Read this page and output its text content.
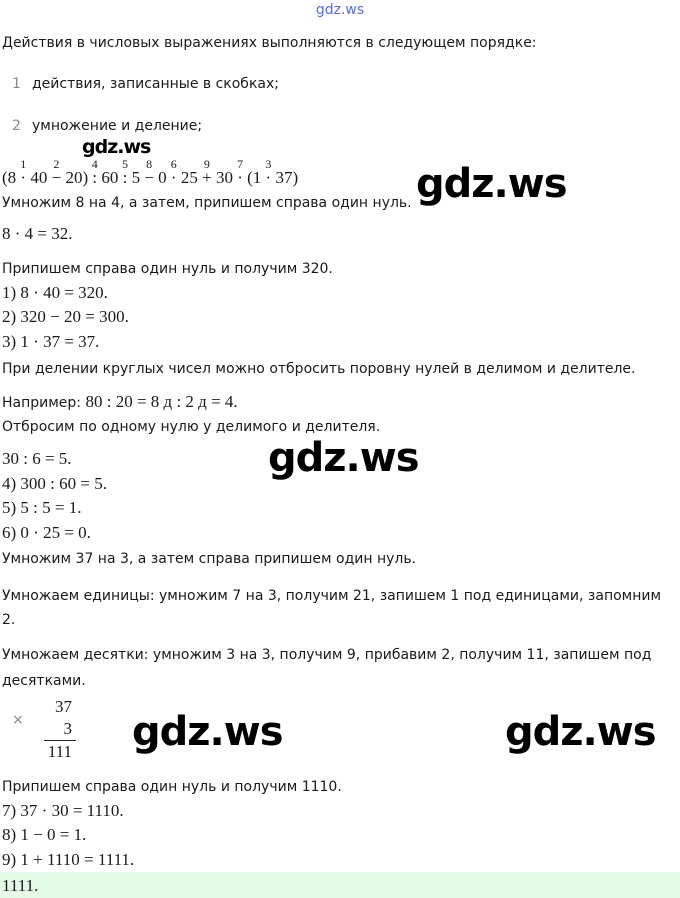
gdz.ws
Действия в числовых выражениях выполняются в следующем порядке:
1 действия, записанные в скобках;
2 умножение и деление;
gdz.ws
(8 ·
1
40 −
2
20) :
4
60 :
5
5 −
8
0 ·
6
25 +
9
30 ·
7
(1 ·
3
37)	gdz.ws
Умножим 8 на 4, а затем, припишем справа один нуль.
8 · 4 = 32.
Припишем справа один нуль и получим 320.
1) 8 · 40 = 320.
2) 320 − 20 = 300.
3) 1 · 37 = 37.
При делении круглых чисел можно отбросить поровну нулей в делимом и делителе.
Например: 80 : 20 = 8 д : 2 д = 4.
Отбросим по одному нулю у делимого и делителя.
30 : 6 = 5.	gdz.ws
4) 300 : 60 = 5.
5) 5 : 5 = 1.
6) 0 · 25 = 0.
Умножим 37 на 3, а затем справа припишем один нуль.
Умножаем единицы: умножим 7 на 3, получим 21, запишем 1 под единицами, запомним 2.
Умножаем десятки: умножим 3 на 3, получим 9, прибавим 2, получим 11, запишем под десятками.
×
37
3
111 gdz.ws	gdz.ws
Припишем справа один нуль и получим 1110.
7) 37 · 30 = 1110.
8) 1 − 0 = 1.
9) 1 + 1110 = 1111.
1111.
